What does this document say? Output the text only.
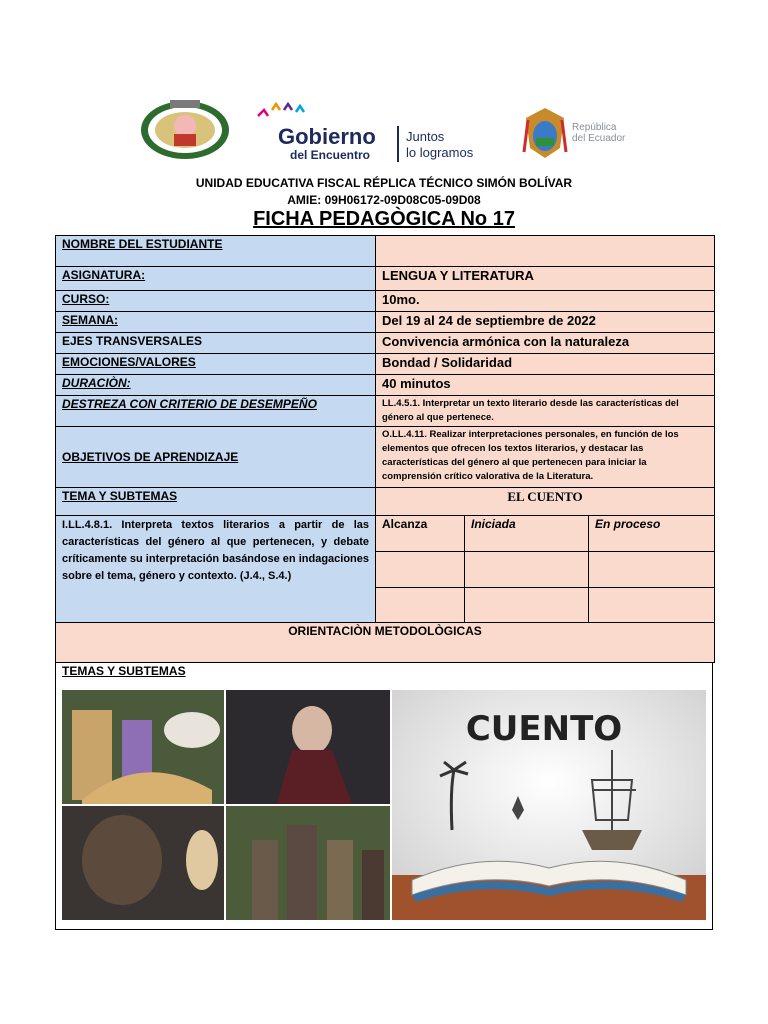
Gobierno
del Encuentro
Juntos
lo logramos
República
del Ecuador
UNIDAD EDUCATIVA FISCAL RÉPLICA TÉCNICO SIMÓN BOLÍVAR
AMIE: 09H06172-09D08C05-09D08
FICHA PEDAGÒGICA No 17
NOMBRE DEL ESTUDIANTE			
ASIGNATURA:	LENGUA Y LITERATURA		
CURSO:	10mo.		
SEMANA:	Del 19 al 24 de septiembre de 2022		
EJES TRANSVERSALES	Convivencia armónica con la naturaleza		
EMOCIONES/VALORES	Bondad / Solidaridad		
DURACIÒN:	40 minutos		
DESTREZA CON CRITERIO DE DESEMPEÑO	LL.4.5.1. Interpretar un texto literario desde las características del género al que pertenece.		
OBJETIVOS DE APRENDIZAJE	O.LL.4.11. Realizar interpretaciones personales, en función de los elementos que ofrecen los textos literarios, y destacar las características del género al que pertenecen para iniciar la comprensión crítico valorativa de la Literatura.		
TEMA Y SUBTEMAS	EL CUENTO		
I.LL.4.8.1. Interpreta textos literarios a partir de las características del género al que pertenecen, y debate críticamente su interpretación basándose en indagaciones sobre el tema, género y contexto. (J.4., S.4.)	Alcanza	Iniciada	En proceso

ORIENTACIÒN METODOLÒGICAS			
TEMAS Y SUBTEMAS
CUENTO
